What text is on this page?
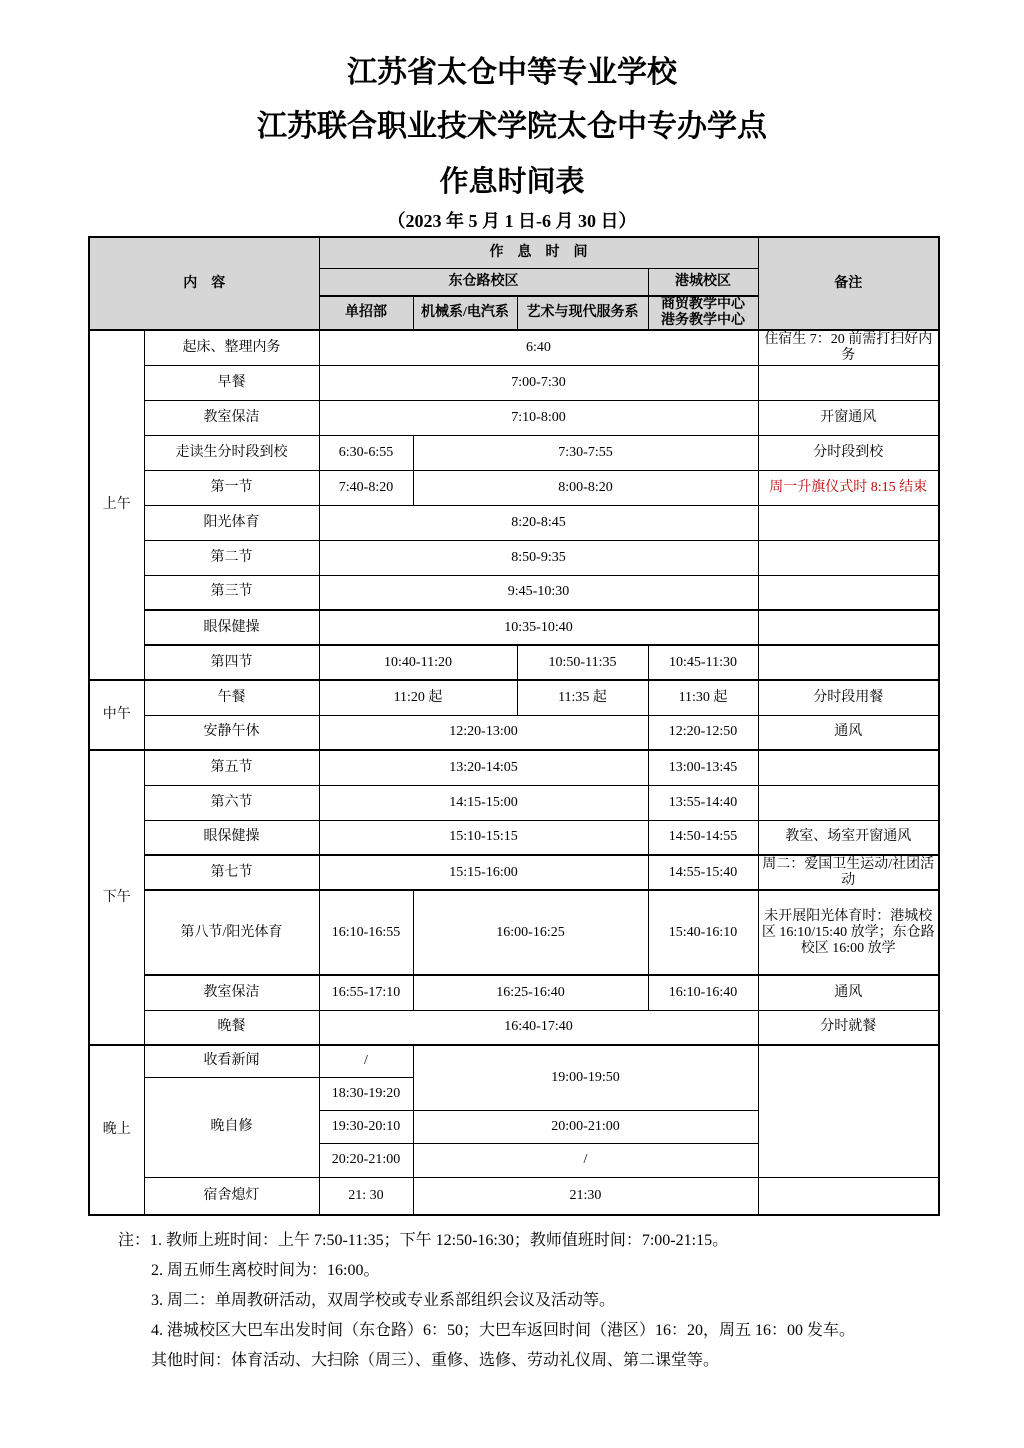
江苏省太仓中等专业学校
江苏联合职业技术学院太仓中专办学点
作息时间表
（2023 年 5 月 1 日-6 月 30 日）
内　容		作　息　时　间				备注
		东仓路校区			港城校区	
		单招部	机械系/电汽系	艺术与现代服务系	商贸教学中心
港务教学中心	
上午	起床、整理内务	6:40				住宿生 7：20 前需打扫好内务
	早餐	7:00-7:30				
	教室保洁	7:10-8:00				开窗通风
	走读生分时段到校	6:30-6:55	7:30-7:55			分时段到校
	第一节	7:40-8:20	8:00-8:20			周一升旗仪式时 8:15 结束
	阳光体育	8:20-8:45				
	第二节	8:50-9:35				
	第三节	9:45-10:30				
	眼保健操	10:35-10:40				
	第四节	10:40-11:20		10:50-11:35	10:45-11:30	
中午	午餐	11:20 起		11:35 起	11:30 起	分时段用餐
	安静午休	12:20-13:00			12:20-12:50	通风
下午	第五节	13:20-14:05			13:00-13:45	
	第六节	14:15-15:00			13:55-14:40	
	眼保健操	15:10-15:15			14:50-14:55	教室、场室开窗通风
	第七节	15:15-16:00			14:55-15:40	周二：爱国卫生运动/社团活动
	第八节/阳光体育	16:10-16:55	16:00-16:25		15:40-16:10	未开展阳光体育时：港城校区 16:10/15:40 放学；东仓路校区 16:00 放学
	教室保洁	16:55-17:10	16:25-16:40		16:10-16:40	通风
	晚餐	16:40-17:40				分时就餐
晚上	收看新闻	/	19:00-19:50			
	晚自修	18:30-19:20				
		19:30-20:10	20:00-21:00			
		20:20-21:00	/			
	宿舍熄灯	21: 30	21:30			
注：1. 教师上班时间：上午 7:50-11:35；下午 12:50-16:30；教师值班时间：7:00-21:15。
2. 周五师生离校时间为：16:00。
3. 周二：单周教研活动，双周学校或专业系部组织会议及活动等。
4. 港城校区大巴车出发时间（东仓路）6：50；大巴车返回时间（港区）16：20，周五 16：00 发车。
其他时间：体育活动、大扫除（周三）、重修、选修、劳动礼仪周、第二课堂等。
